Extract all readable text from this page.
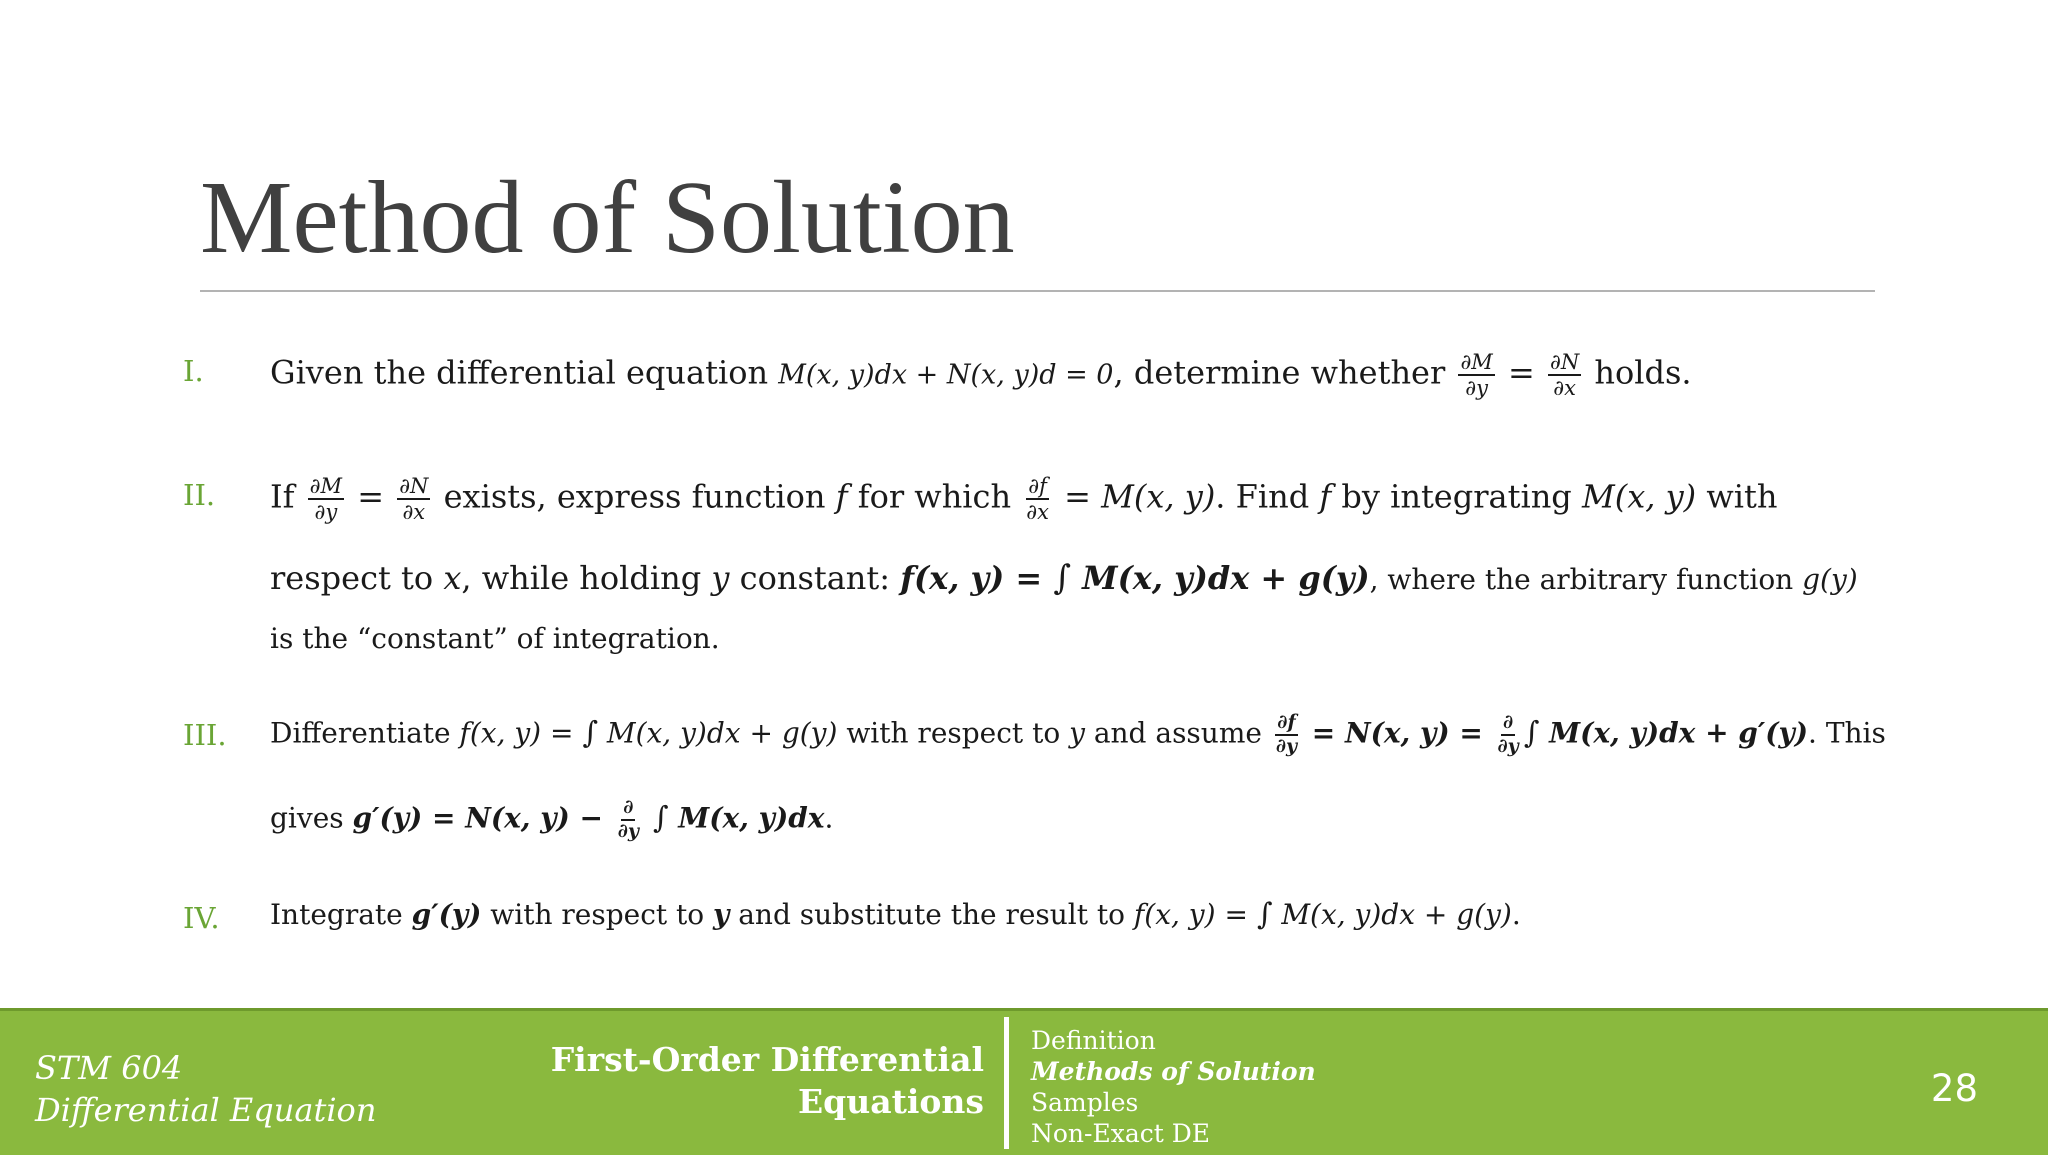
Method of Solution
I. Given the differential equation M(x, y)dx + N(x, y)d = 0, determine whether $\frac{\partial M}{\partial y} = \frac{\partial N}{\partial x}$ holds.
II. If $\frac{\partial M}{\partial y} = \frac{\partial N}{\partial x}$ exists, express function f for which $\frac{\partial f}{\partial x} = M(x$, y). Find f by integrating M(x, y) with
respect to x, while holding y constant: f(x, y) = ∫ M(x, y)dx + g(y), where the arbitrary function g(y)
is the “constant” of integration.
III. Differentiate f(x, y) = ∫ M(x, y)dx + g(y) with respect to y and assume $\frac{\partial f}{\partial y} = N(x$, $y) = \frac{\partial}{\partial y}$ ∫ M(x, y)dx + g′(y). This
gives g′(y) = N(x, $y) - \frac{\partial}{\partial y}$ ∫ M(x, y)dx.
IV. Integrate g′(y) with respect to y and substitute the result to f(x, y) = ∫ M(x, y)dx + g(y).
STM 604
Differential Equation
First-Order Differential
Equations
Definition
Methods of Solution
Samples
Non-Exact DE
28
